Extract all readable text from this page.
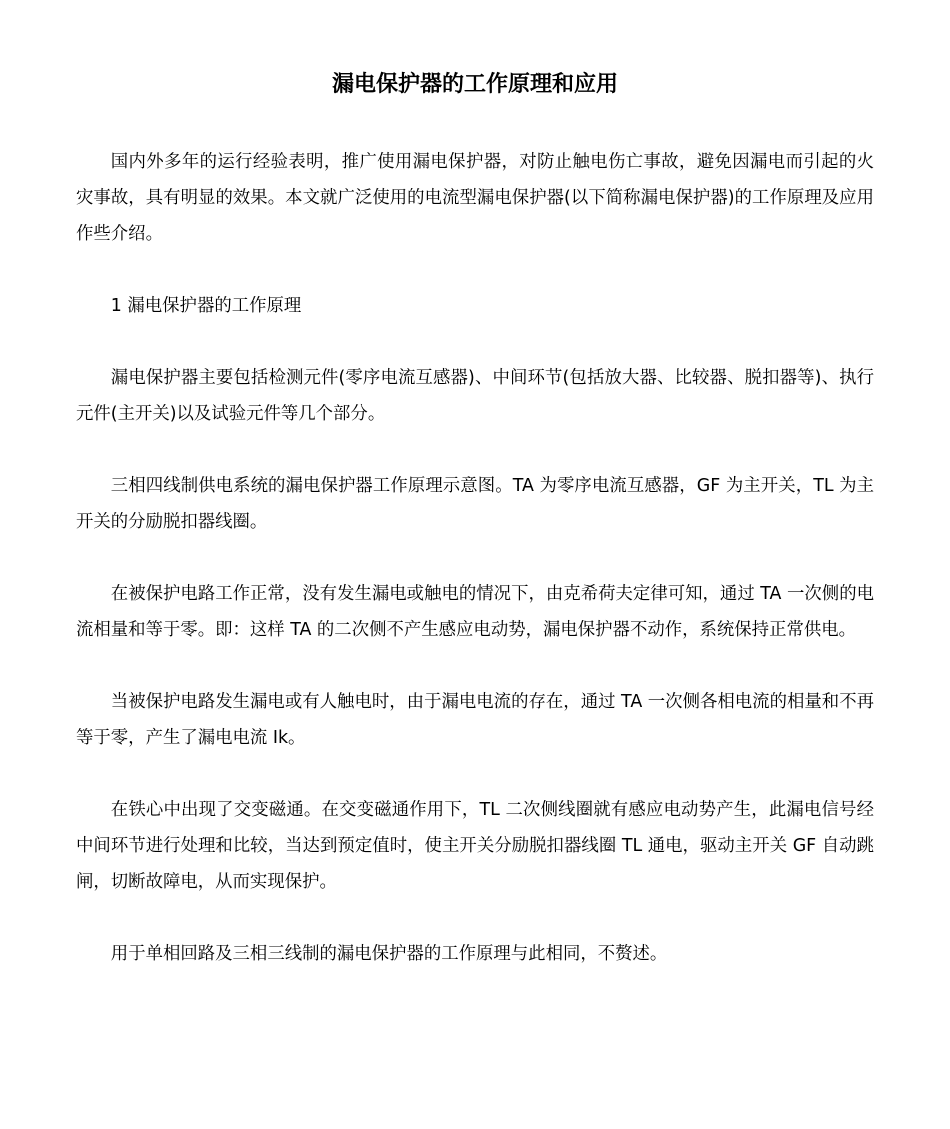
漏电保护器的工作原理和应用

国内外多年的运行经验表明，推广使用漏电保护器，对防止触电伤亡事故，避免因漏电而引起的火灾事故，具有明显的效果。本文就广泛使用的电流型漏电保护器(以下简称漏电保护器)的工作原理及应用作些介绍。

1 漏电保护器的工作原理

漏电保护器主要包括检测元件(零序电流互感器)、中间环节(包括放大器、比较器、脱扣器等)、执行元件(主开关)以及试验元件等几个部分。

三相四线制供电系统的漏电保护器工作原理示意图。TA 为零序电流互感器，GF 为主开关，TL 为主开关的分励脱扣器线圈。

在被保护电路工作正常，没有发生漏电或触电的情况下，由克希荷夫定律可知，通过 TA 一次侧的电流相量和等于零。即：这样 TA 的二次侧不产生感应电动势，漏电保护器不动作，系统保持正常供电。

当被保护电路发生漏电或有人触电时，由于漏电电流的存在，通过 TA 一次侧各相电流的相量和不再等于零，产生了漏电电流 Ik。

在铁心中出现了交变磁通。在交变磁通作用下，TL 二次侧线圈就有感应电动势产生，此漏电信号经中间环节进行处理和比较，当达到预定值时，使主开关分励脱扣器线圈 TL 通电，驱动主开关 GF 自动跳闸，切断故障电，从而实现保护。

用于单相回路及三相三线制的漏电保护器的工作原理与此相同，不赘述。
